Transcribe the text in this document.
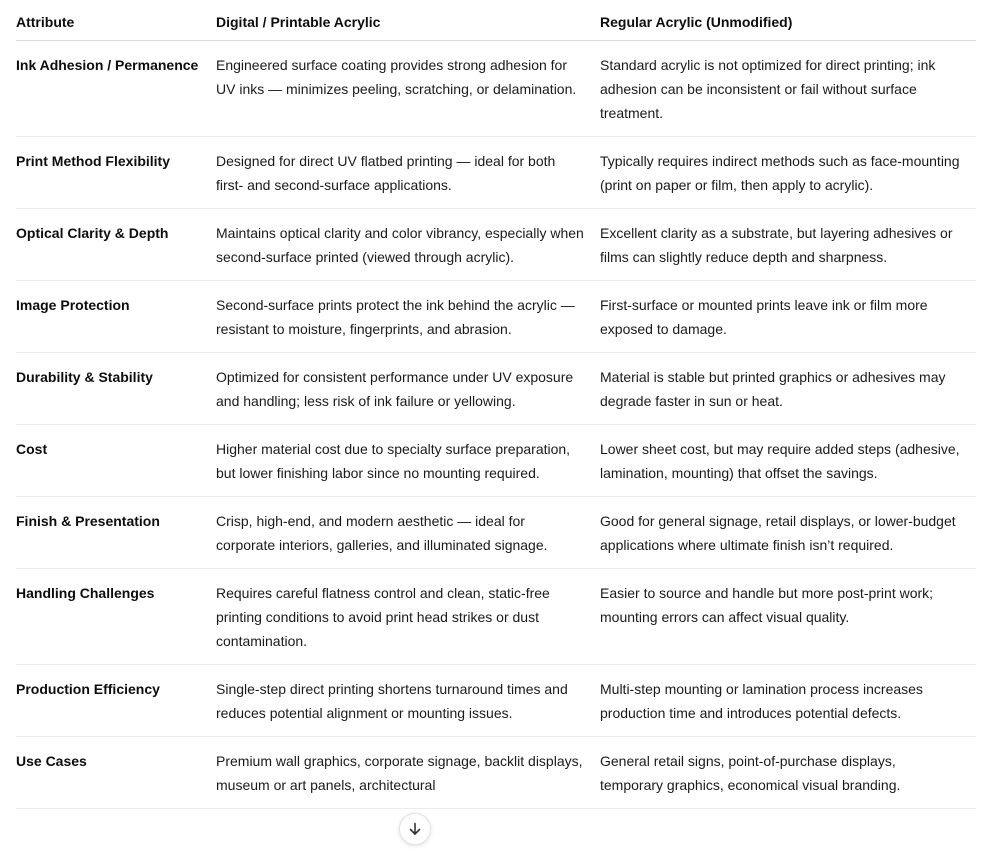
Attribute	Digital / Printable Acrylic	Regular Acrylic (Unmodified)
Ink Adhesion / Permanence	Engineered surface coating provides strong adhesion for UV inks — minimizes peeling, scratching, or delamination.	Standard acrylic is not optimized for direct printing; ink adhesion can be inconsistent or fail without surface treatment.
Print Method Flexibility	Designed for direct UV flatbed printing — ideal for both first- and second-surface applications.	Typically requires indirect methods such as face-mounting (print on paper or film, then apply to acrylic).
Optical Clarity & Depth	Maintains optical clarity and color vibrancy, especially when second-surface printed (viewed through acrylic).	Excellent clarity as a substrate, but layering adhesives or films can slightly reduce depth and sharpness.
Image Protection	Second-surface prints protect the ink behind the acrylic — resistant to moisture, fingerprints, and abrasion.	First-surface or mounted prints leave ink or film more exposed to damage.
Durability & Stability	Optimized for consistent performance under UV exposure and handling; less risk of ink failure or yellowing.	Material is stable but printed graphics or adhesives may degrade faster in sun or heat.
Cost	Higher material cost due to specialty surface preparation, but lower finishing labor since no mounting required.	Lower sheet cost, but may require added steps (adhesive, lamination, mounting) that offset the savings.
Finish & Presentation	Crisp, high-end, and modern aesthetic — ideal for corporate interiors, galleries, and illuminated signage.	Good for general signage, retail displays, or lower-budget applications where ultimate finish isn’t required.
Handling Challenges	Requires careful flatness control and clean, static-free printing conditions to avoid print head strikes or dust contamination.	Easier to source and handle but more post-print work; mounting errors can affect visual quality.
Production Efficiency	Single-step direct printing shortens turnaround times and reduces potential alignment or mounting issues.	Multi-step mounting or lamination process increases production time and introduces potential defects.
Use Cases	Premium wall graphics, corporate signage, backlit displays, museum or art panels, architectural	General retail signs, point-of-purchase displays, temporary graphics, economical visual branding.
